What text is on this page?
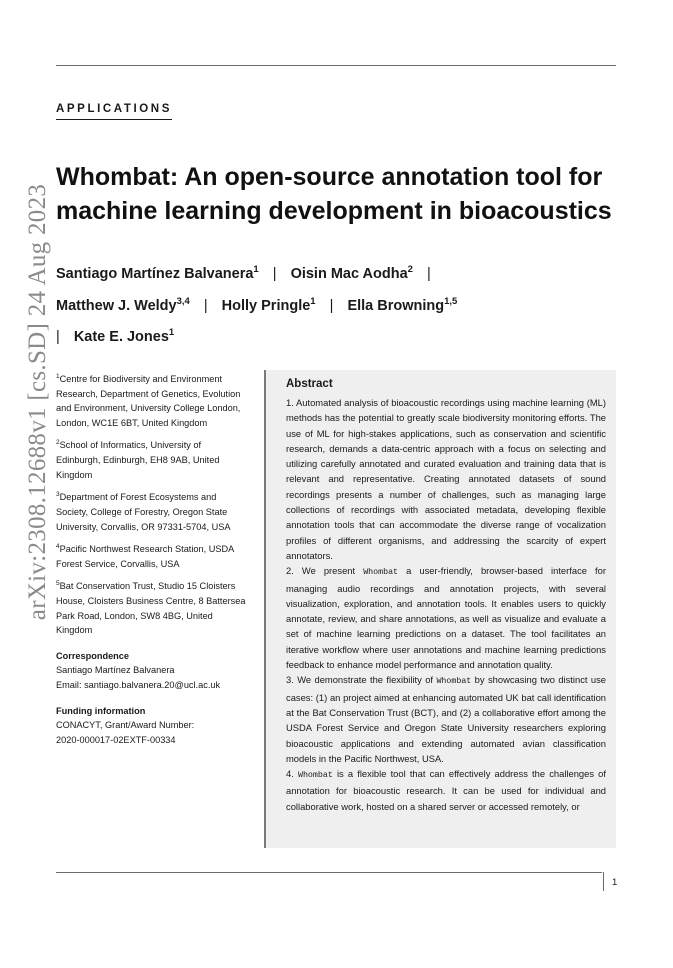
APPLICATIONS
arXiv:2308.12688v1 [cs.SD] 24 Aug 2023
Whombat: An open-source annotation tool for machine learning development in bioacoustics
Santiago Martínez Balvanera$^1$ | Oisin Mac Aodha$^2$ |
Matthew J. Weldy$^{3,4}$ | Holly Pringle$^1$ | Ella Browning$^{1,5}$
| Kate E. Jones$^1$
$^1$Centre for Biodiversity and Environment Research, Department of Genetics, Evolution and Environment, University College London, London, WC1E 6BT, United Kingdom
$^2$School of Informatics, University of Edinburgh, Edinburgh, EH8 9AB, United Kingdom
$^3$Department of Forest Ecosystems and Society, College of Forestry, Oregon State University, Corvallis, OR 97331-5704, USA
$^4$Pacific Northwest Research Station, USDA Forest Service, Corvallis, USA
$^5$Bat Conservation Trust, Studio 15 Cloisters House, Cloisters Business Centre, 8 Battersea Park Road, London, SW8 4BG, United Kingdom
Correspondence
Santiago Martínez Balvanera
Email: santiago.balvanera.20@ucl.ac.uk
Funding information
CONACYT, Grant/Award Number:
2020-000017-02EXTF-00334
Abstract

1. Automated analysis of bioacoustic recordings using machine learning (ML) methods has the potential to greatly scale biodiversity monitoring efforts. The use of ML for high-stakes applications, such as conservation and scientific research, demands a data-centric approach with a focus on selecting and utilizing carefully annotated and curated evaluation and training data that is relevant and representative. Creating annotated datasets of sound recordings presents a number of challenges, such as managing large collections of recordings with associated metadata, developing flexible annotation tools that can accommodate the diverse range of vocalization profiles of different organisms, and addressing the scarcity of expert annotators.

2. We present Whombat a user-friendly, browser-based interface for managing audio recordings and annotation projects, with several visualization, exploration, and annotation tools. It enables users to quickly annotate, review, and share annotations, as well as visualize and evaluate a set of machine learning predictions on a dataset. The tool facilitates an iterative workflow where user annotations and machine learning predictions feedback to enhance model performance and annotation quality.

3. We demonstrate the flexibility of Whombat by showcasing two distinct use cases: (1) an project aimed at enhancing automated UK bat call identification at the Bat Conservation Trust (BCT), and (2) a collaborative effort among the USDA Forest Service and Oregon State University researchers exploring bioacoustic applications and extending automated avian classification models in the Pacific Northwest, USA.

4. Whombat is a flexible tool that can effectively address the challenges of annotation for bioacoustic research. It can be used for individual and collaborative work, hosted on a shared server or accessed remotely, or

1
